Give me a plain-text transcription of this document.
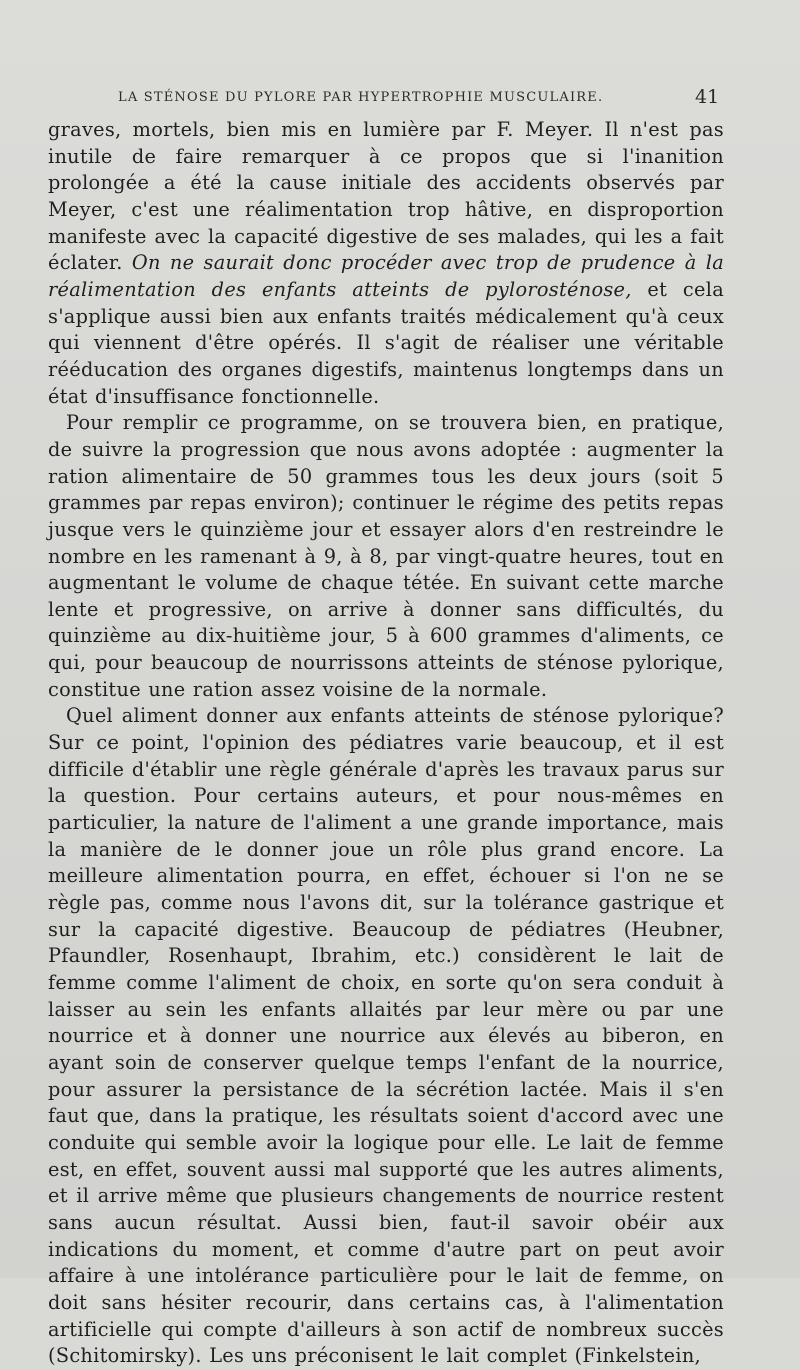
LA STÉNOSE DU PYLORE PAR HYPERTROPHIE MUSCULAIRE.	41

graves, mortels, bien mis en lumière par F. Meyer. Il n'est pas inutile de faire remarquer à ce propos que si l'inanition prolongée a été la cause initiale des accidents observés par Meyer, c'est une réalimentation trop hâtive, en disproportion manifeste avec la capacité digestive de ses malades, qui les a fait éclater. On ne saurait donc procéder avec trop de prudence à la réalimentation des enfants atteints de pylorosténose, et cela s'applique aussi bien aux enfants traités médicalement qu'à ceux qui viennent d'être opérés. Il s'agit de réaliser une véritable rééducation des organes digestifs, maintenus longtemps dans un état d'insuffisance fonctionnelle.

Pour remplir ce programme, on se trouvera bien, en pratique, de suivre la progression que nous avons adoptée : augmenter la ration alimentaire de 50 grammes tous les deux jours (soit 5 grammes par repas environ); continuer le régime des petits repas jusque vers le quinzième jour et essayer alors d'en restreindre le nombre en les ramenant à 9, à 8, par vingt-quatre heures, tout en augmentant le volume de chaque tétée. En suivant cette marche lente et progressive, on arrive à donner sans difficultés, du quinzième au dix-huitième jour, 5 à 600 grammes d'aliments, ce qui, pour beaucoup de nourrissons atteints de sténose pylorique, constitue une ration assez voisine de la normale.

Quel aliment donner aux enfants atteints de sténose pylorique? Sur ce point, l'opinion des pédiatres varie beaucoup, et il est difficile d'établir une règle générale d'après les travaux parus sur la question. Pour certains auteurs, et pour nous-mêmes en particulier, la nature de l'aliment a une grande importance, mais la manière de le donner joue un rôle plus grand encore. La meilleure alimentation pourra, en effet, échouer si l'on ne se règle pas, comme nous l'avons dit, sur la tolérance gastrique et sur la capacité digestive. Beaucoup de pédiatres (Heubner, Pfaundler, Rosenhaupt, Ibrahim, etc.) considèrent le lait de femme comme l'aliment de choix, en sorte qu'on sera conduit à laisser au sein les enfants allaités par leur mère ou par une nourrice et à donner une nourrice aux élevés au biberon, en ayant soin de conserver quelque temps l'enfant de la nourrice, pour assurer la persistance de la sécrétion lactée. Mais il s'en faut que, dans la pratique, les résultats soient d'accord avec une conduite qui semble avoir la logique pour elle. Le lait de femme est, en effet, souvent aussi mal supporté que les autres aliments, et il arrive même que plusieurs changements de nourrice restent sans aucun résultat. Aussi bien, faut-il savoir obéir aux indications du moment, et comme d'autre part on peut avoir affaire à une intolérance particulière pour le lait de femme, on doit sans hésiter recourir, dans certains cas, à l'alimentation artificielle qui compte d'ailleurs à son actif de nombreux succès (Schitomirsky). Les uns préconisent le lait complet (Finkelstein,
